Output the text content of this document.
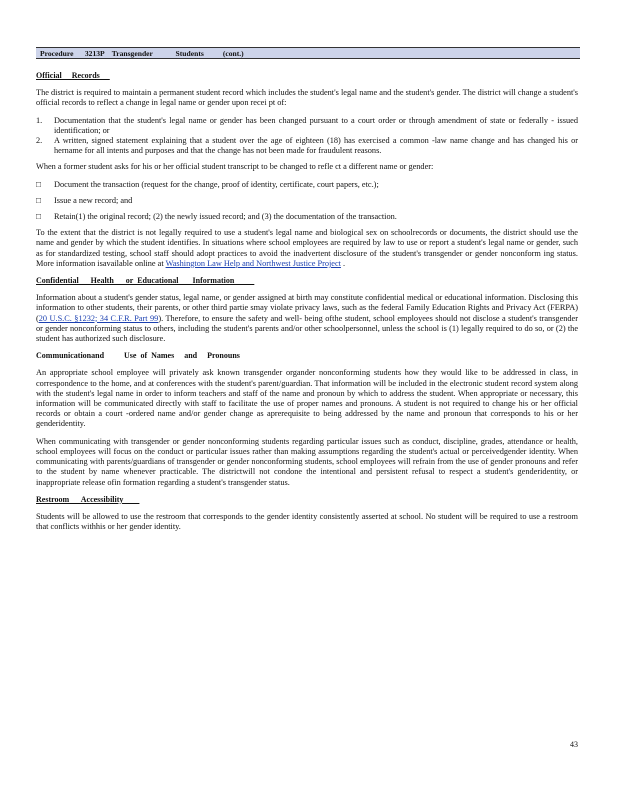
Procedure      3213P    Transgender            Students          (cont.)
Official     Records

The district is required to maintain a permanent student record which includes the student's legal name and the student's gender. The district will change a student's official records to reflect a change in legal name or gender upon recei pt of:

1. Documentation that the student's legal name or gender has been changed pursuant to a court order or through amendment of state or federally - issued identification; or
2. A written, signed statement explaining that a student over the age of eighteen (18) has exercised a common -law name change and has changed his or hername for all intents and purposes and that the change has not been made for fraudulent reasons.

When a former student asks for his or her official student transcript to be changed to refle ct a different name or gender:

□ Document the transaction (request for the change, proof of identity, certificate, court papers, etc.);
□ Issue a new record; and
□ Retain(1) the original record; (2) the newly issued record; and (3) the documentation of the transaction.

To the extent that the district is not legally required to use a student's legal name and biological sex on schoolrecords or documents, the district should use the name and gender by which the student identifies. In situations where school employees are required by law to use or report a student's legal name or gender, such as for standardized testing, school staff should adopt practices to avoid the inadvertent disclosure of the student's transgender or gender nonconform ing status. More information isavailable online at Washington Law Help and Northwest Justice Project .

Confidential      Health      or  Educational       Information

Information about a student's gender status, legal name, or gender assigned at birth may constitute confidential medical or educational information. Disclosing this information to other students, their parents, or other third partie smay violate privacy laws, such as the federal Family Education Rights and Privacy Act (FERPA) (20 U.S.C. §1232; 34 C.F.R. Part 99). Therefore, to ensure the safety and well- being ofthe student, school employees should not disclose a student's transgender or gender nonconforming status to others, including the student's parents and/or other schoolpersonnel, unless the school is (1) legally required to do so, or (2) the student has authorized such disclosure.

Communicationand          Use  of  Names     and     Pronouns

An appropriate school employee will privately ask known transgender organder nonconforming students how they would like to be addressed in class, in correspondence to the home, and at conferences with the student's parent/guardian. That information will be included in the electronic student record system along with the student's legal name in order to inform teachers and staff of the name and pronoun by which to address the student. When appropriate or necessary, this information will be communicated directly with staff to facilitate the use of proper names and pronouns. A student is not required to change his or her official records or obtain a court -ordered name and/or gender change as aprerequisite to being addressed by the name and pronoun that corresponds to his or her genderidentity.

When communicating with transgender or gender nonconforming students regarding particular issues such as conduct, discipline, grades, attendance or health, school employees will focus on the conduct or particular issues rather than making assumptions regarding the student's actual or perceivedgender identity. When communicating with parents/guardians of transgender or gender nonconforming students, school employees will refrain from the use of gender pronouns and refer to the student by name whenever practicable. The districtwill not condone the intentional and persistent refusal to respect a student's genderidentity, or inappropriate release ofin formation regarding a student's transgender status.

Restroom      Accessibility

Students will be allowed to use the restroom that corresponds to the gender identity consistently asserted at school. No student will be required to use a restroom that conflicts withhis or her gender identity.

43
